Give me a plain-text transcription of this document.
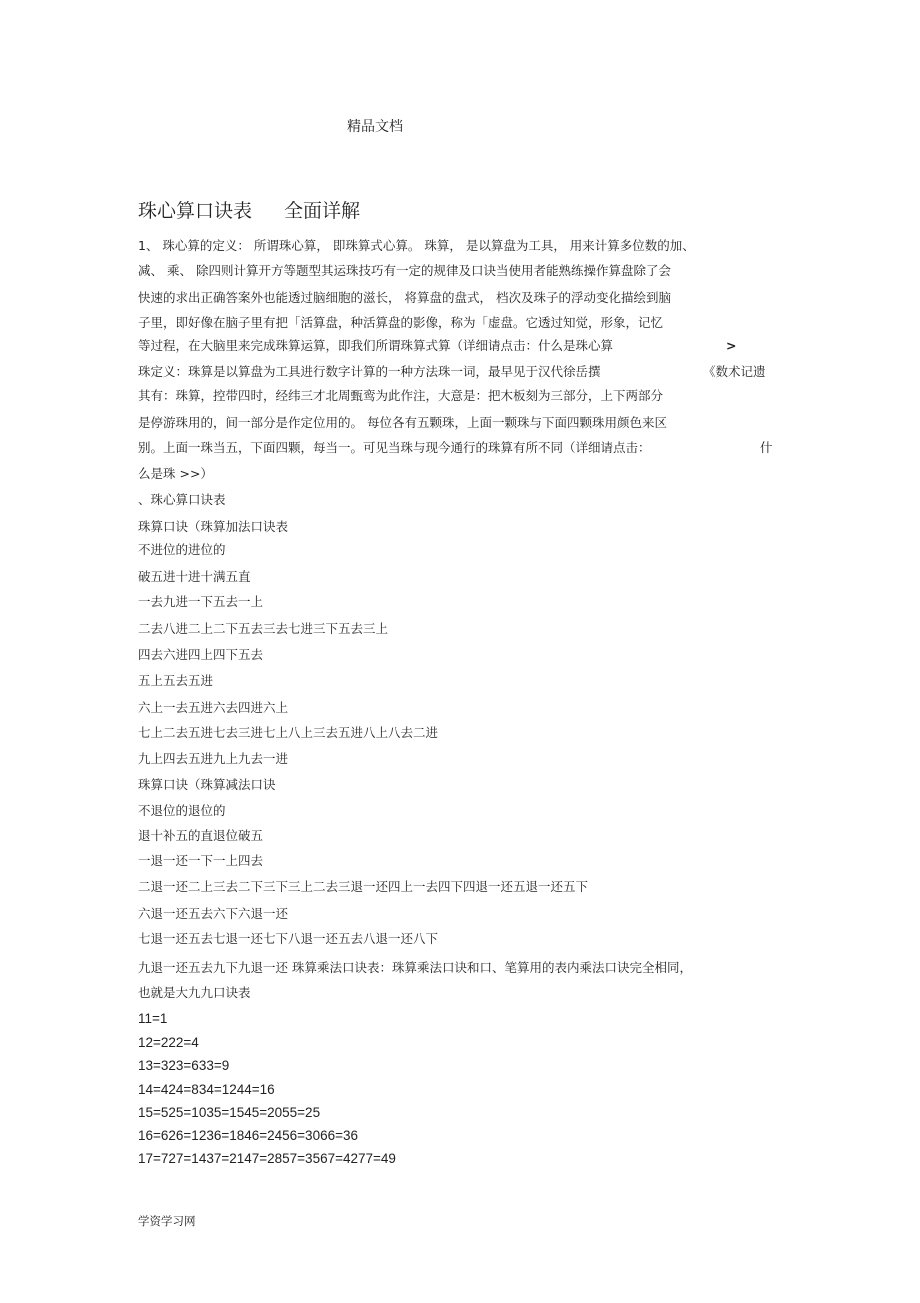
精品文档
珠心算口诀表 全面详解
1、 珠心算的定义： 所谓珠心算， 即珠算式心算。 珠算， 是以算盘为工具， 用来计算多位数的加、
减、 乘、 除四则计算开方等题型其运珠技巧有一定的规律及口诀当使用者能熟练操作算盘除了会
快速的求出正确答案外也能透过脑细胞的滋长， 将算盘的盘式， 档次及珠子的浮动变化描绘到脑
子里，即好像在脑子里有把「活算盘，种活算盘的影像，称为「虚盘。它透过知觉，形象，记忆
等过程，在大脑里来完成珠算运算，即我们所谓珠算式算（详细请点击：什么是珠心算	>
珠定义：珠算是以算盘为工具进行数字计算的一种方法珠一词，最早见于汉代徐岳撰	《数术记遗
其有：珠算，控带四时，经纬三才北周甄鸾为此作注，大意是：把木板刻为三部分，上下两部分
是停游珠用的，间一部分是作定位用的。 每位各有五颗珠，上面一颗珠与下面四颗珠用颜色来区
别。上面一珠当五，下面四颗，每当一。可见当珠与现今通行的珠算有所不同（详细请点击：	什
么是珠 >>）
、珠心算口诀表
珠算口诀（珠算加法口诀表
不进位的进位的
破五进十进十满五直
一去九进一下五去一上
二去八进二上二下五去三去七进三下五去三上
四去六进四上四下五去
五上五去五进
六上一去五进六去四进六上
七上二去五进七去三进七上八上三去五进八上八去二进
九上四去五进九上九去一进
珠算口诀（珠算减法口诀
不退位的退位的
退十补五的直退位破五
一退一还一下一上四去
二退一还二上三去二下三下三上二去三退一还四上一去四下四退一还五退一还五下
六退一还五去六下六退一还
七退一还五去七退一还七下八退一还五去八退一还八下
九退一还五去九下九退一还 珠算乘法口诀表：珠算乘法口诀和口、笔算用的表内乘法口诀完全相同，
也就是大九九口诀表
11=1
12=222=4
13=323=633=9
14=424=834=1244=16
15=525=1035=1545=2055=25
16=626=1236=1846=2456=3066=36
17=727=1437=2147=2857=3567=4277=49
学资学习网
